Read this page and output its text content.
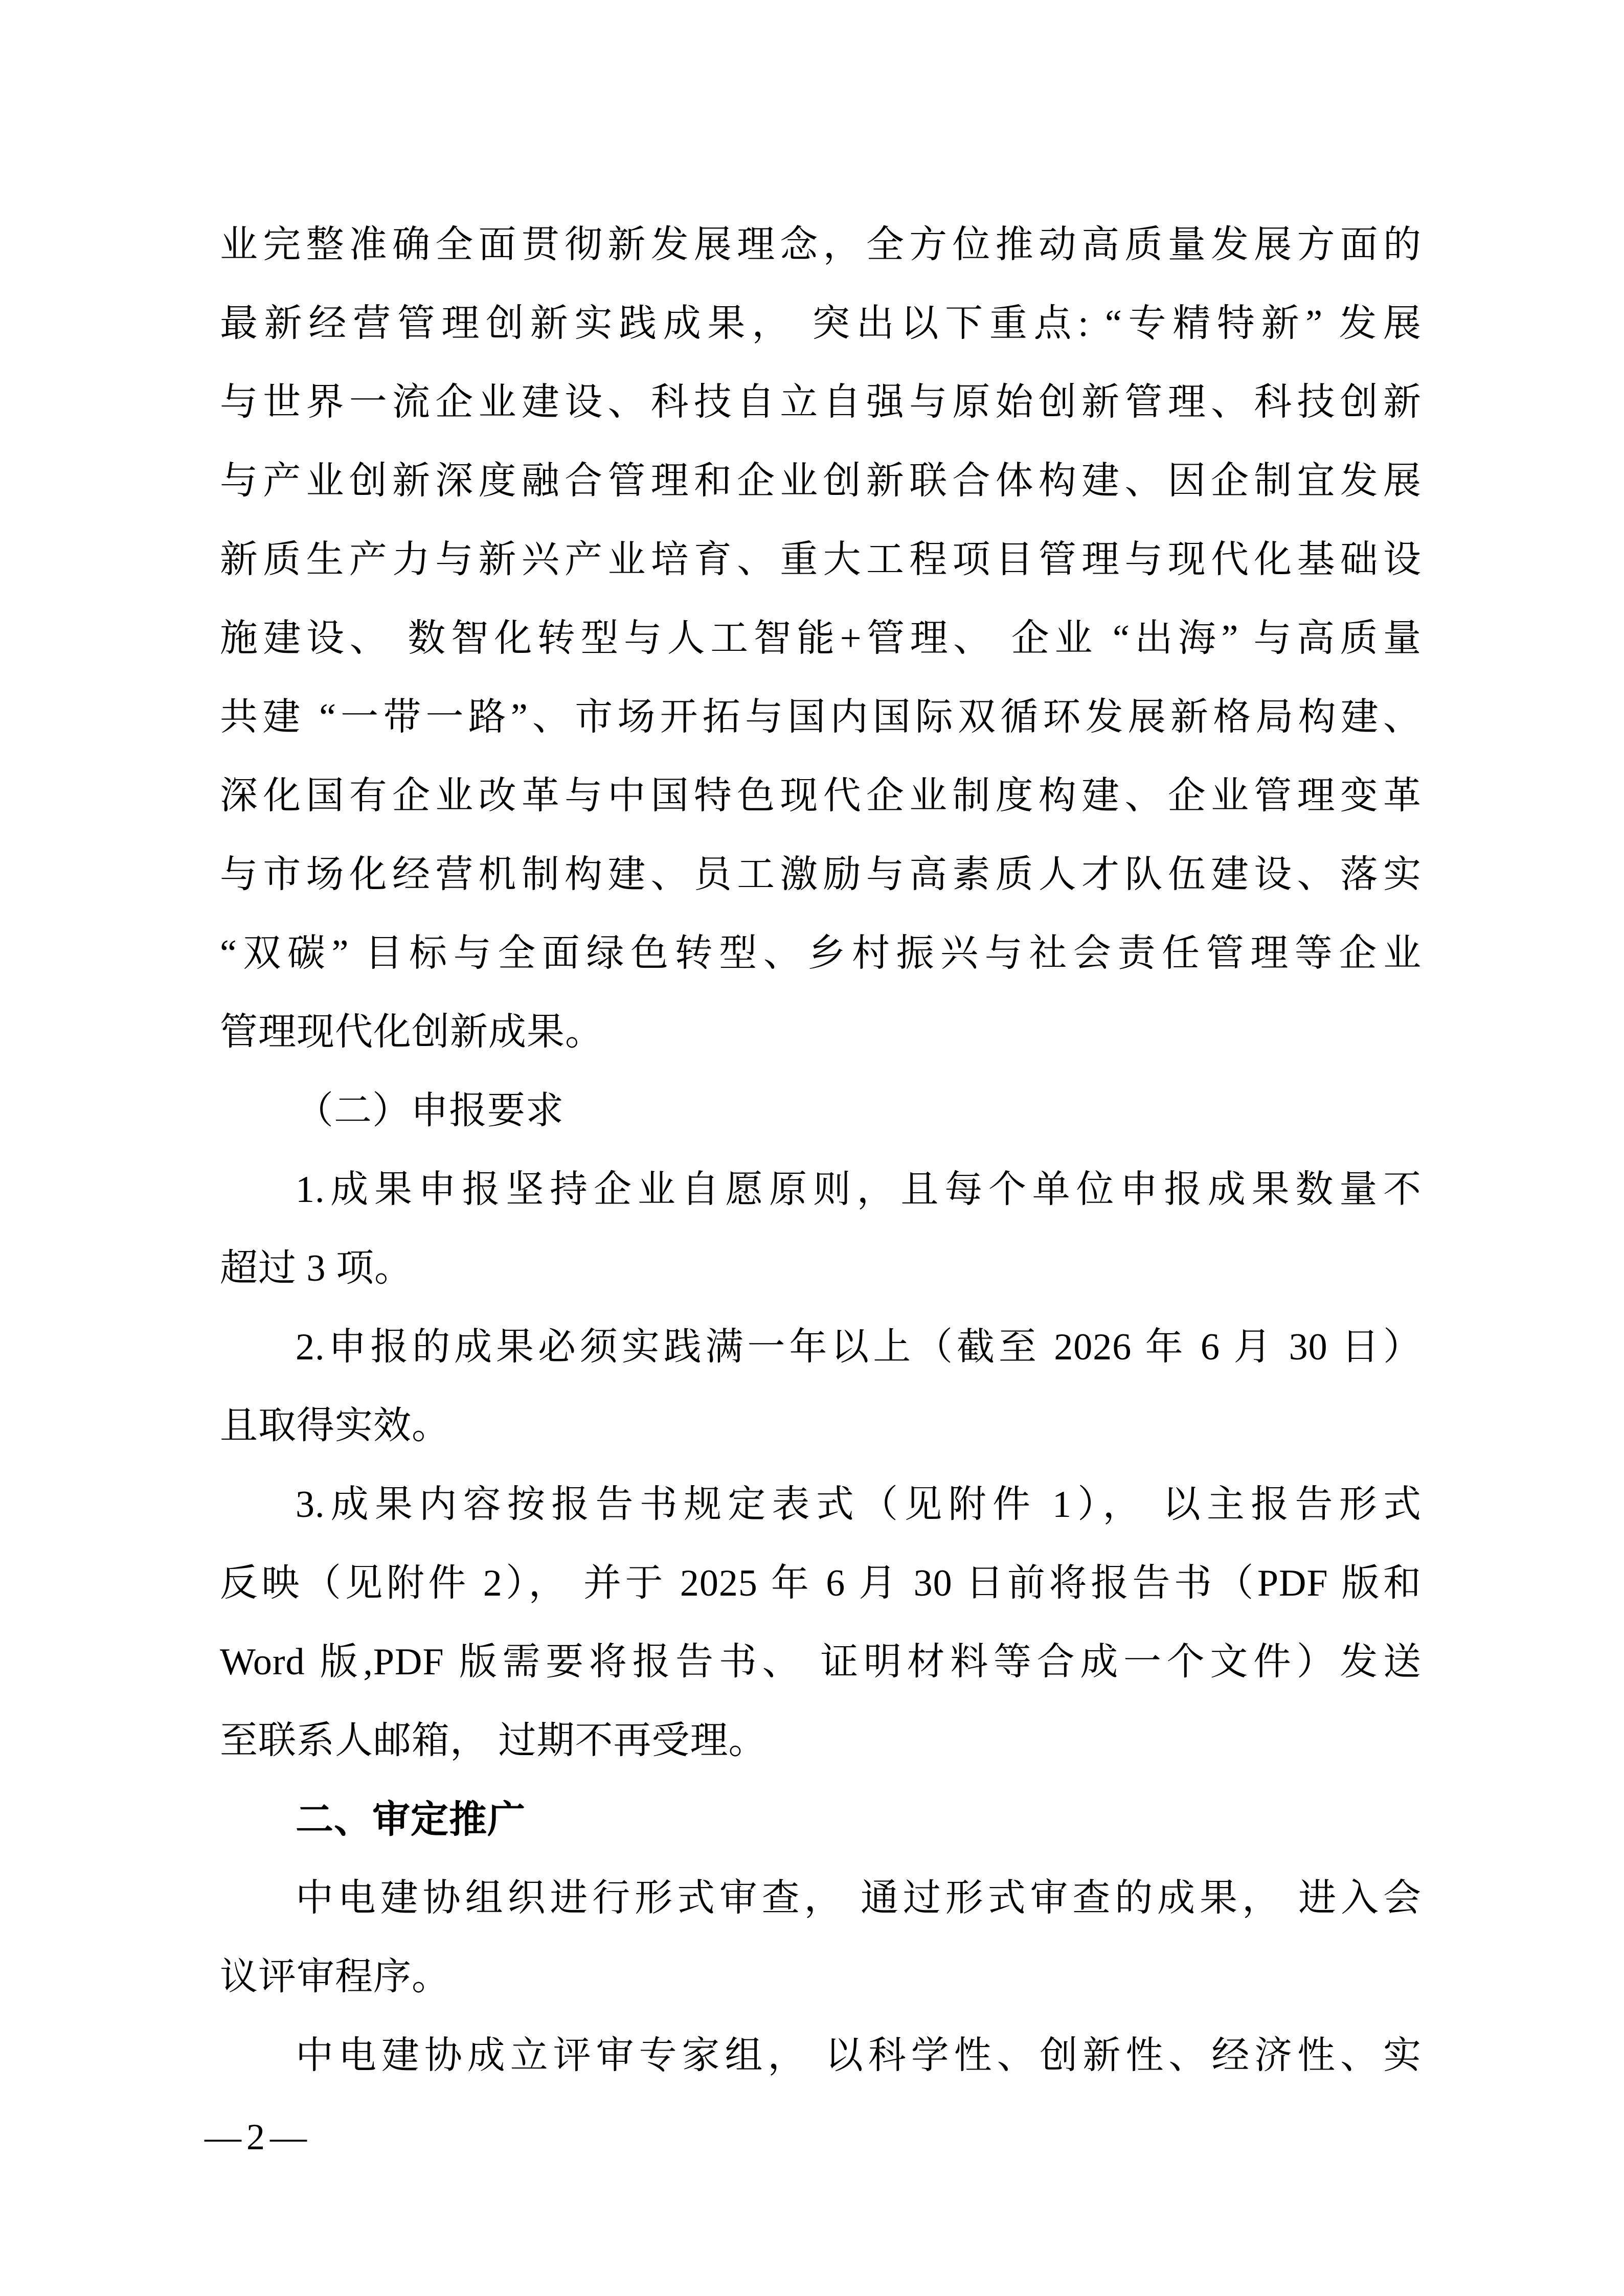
业完整准确全面贯彻新发展理念，全方位推动高质量发展方面的
最新经营管理创新实践成果， 突出以下重点: “专精特新” 发展
与世界一流企业建设、科技自立自强与原始创新管理、科技创新
与产业创新深度融合管理和企业创新联合体构建、因企制宜发展
新质生产力与新兴产业培育、重大工程项目管理与现代化基础设
施建设、 数智化转型与人工智能+管理、 企业 “出海” 与高质量
共建 “一带一路”、市场开拓与国内国际双循环发展新格局构建、
深化国有企业改革与中国特色现代企业制度构建、企业管理变革
与市场化经营机制构建、员工激励与高素质人才队伍建设、落实
“双碳” 目标与全面绿色转型、乡村振兴与社会责任管理等企业
管理现代化创新成果。
（二）申报要求
1.成果申报坚持企业自愿原则，且每个单位申报成果数量不
超过 3 项。
2.申报的成果必须实践满一年以上（截至 2026 年 6 月 30 日）
且取得实效。
3.成果内容按报告书规定表式（见附件 1）， 以主报告形式
反映（见附件 2）， 并于 2025 年 6 月 30 日前将报告书（PDF 版和
Word 版,PDF 版需要将报告书、 证明材料等合成一个文件）发送
至联系人邮箱， 过期不再受理。
二、审定推广
中电建协组织进行形式审查， 通过形式审查的成果， 进入会
议评审程序。
中电建协成立评审专家组， 以科学性、创新性、经济性、实
—2—
